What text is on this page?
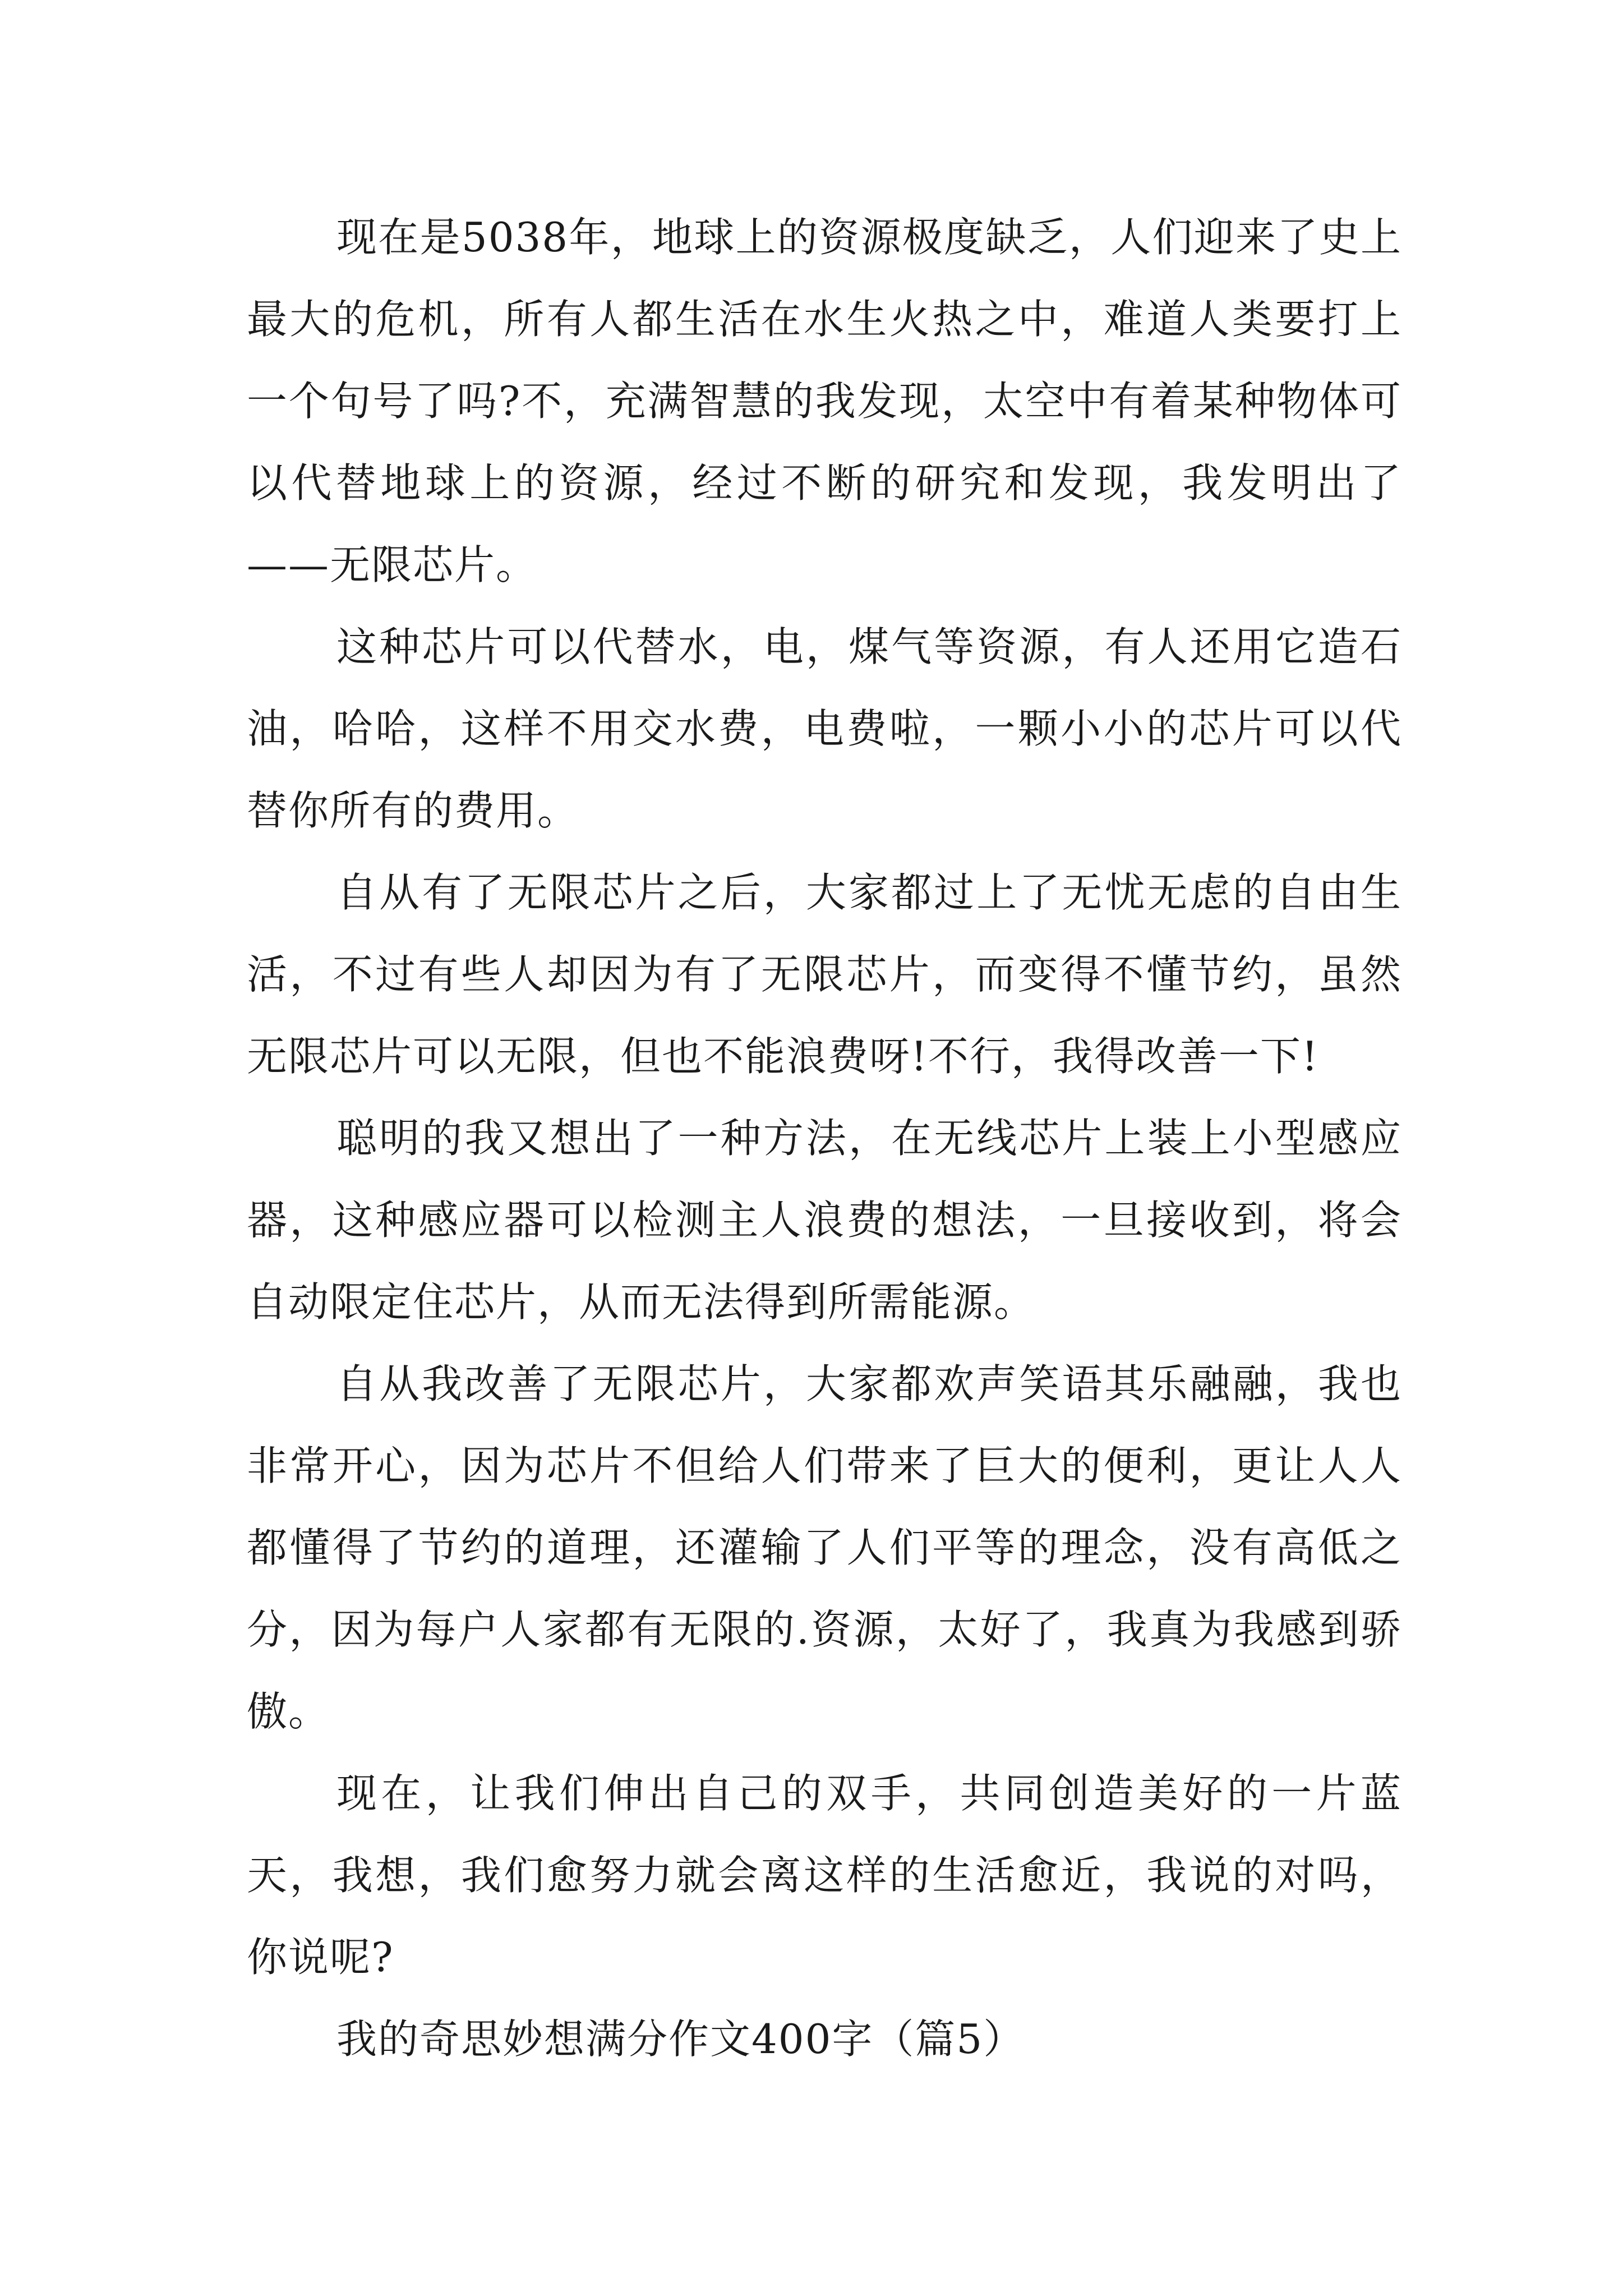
现在是5038年，地球上的资源极度缺乏，人们迎来了史上最大的危机，所有人都生活在水生火热之中，难道人类要打上一个句号了吗?不，充满智慧的我发现，太空中有着某种物体可以代替地球上的资源，经过不断的研究和发现，我发明出了——无限芯片。

这种芯片可以代替水，电，煤气等资源，有人还用它造石油，哈哈，这样不用交水费，电费啦，一颗小小的芯片可以代替你所有的费用。

自从有了无限芯片之后，大家都过上了无忧无虑的自由生活，不过有些人却因为有了无限芯片，而变得不懂节约，虽然无限芯片可以无限，但也不能浪费呀!不行，我得改善一下!

聪明的我又想出了一种方法，在无线芯片上装上小型感应器，这种感应器可以检测主人浪费的想法，一旦接收到，将会自动限定住芯片，从而无法得到所需能源。

自从我改善了无限芯片，大家都欢声笑语其乐融融，我也非常开心，因为芯片不但给人们带来了巨大的便利，更让人人都懂得了节约的道理，还灌输了人们平等的理念，没有高低之分，因为每户人家都有无限的.资源，太好了，我真为我感到骄傲。

现在，让我们伸出自己的双手，共同创造美好的一片蓝天，我想，我们愈努力就会离这样的生活愈近，我说的对吗，你说呢?

我的奇思妙想满分作文400字（篇5）
